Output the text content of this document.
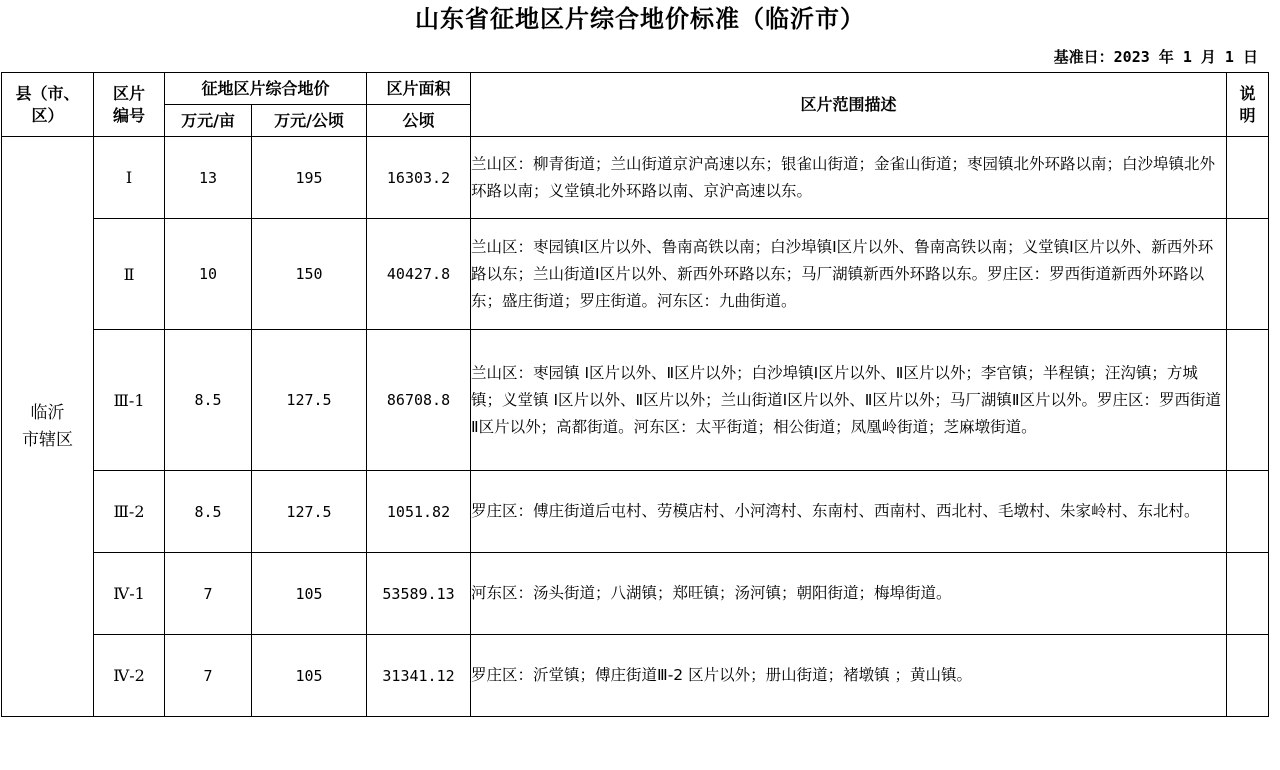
山东省征地区片综合地价标准（临沂市）
基准日：2023 年 1 月 1 日
县（市、区）	区片编号	征地区片综合地价		区片面积	区片范围描述	说明
		万元/亩	万元/公顷	公顷		

临沂
市辖区	Ⅰ	13	195	16303.2	兰山区：柳青街道；兰山街道京沪高速以东；银雀山街道；金雀山街道；枣园镇北外环路以南；白沙埠镇北外环路以南；义堂镇北外环路以南、京沪高速以东。	
	Ⅱ	10	150	40427.8	兰山区：枣园镇Ⅰ区片以外、鲁南高铁以南；白沙埠镇Ⅰ区片以外、鲁南高铁以南；义堂镇Ⅰ区片以外、新西外环路以东；兰山街道Ⅰ区片以外、新西外环路以东；马厂湖镇新西外环路以东。罗庄区：罗西街道新西外环路以东；盛庄街道；罗庄街道。河东区：九曲街道。	
	Ⅲ-1	8.5	127.5	86708.8	兰山区：枣园镇 Ⅰ区片以外、Ⅱ区片以外；白沙埠镇Ⅰ区片以外、Ⅱ区片以外；李官镇；半程镇；汪沟镇；方城镇；义堂镇 Ⅰ区片以外、Ⅱ区片以外；兰山街道Ⅰ区片以外、Ⅱ区片以外；马厂湖镇Ⅱ区片以外。罗庄区：罗西街道Ⅱ区片以外；高都街道。河东区：太平街道；相公街道；凤凰岭街道；芝麻墩街道。	
	Ⅲ-2	8.5	127.5	1051.82	罗庄区：傅庄街道后屯村、劳模店村、小河湾村、东南村、西南村、西北村、毛墩村、朱家岭村、东北村。	
	Ⅳ-1	7	105	53589.13	河东区：汤头街道；八湖镇；郑旺镇；汤河镇；朝阳街道；梅埠街道。	
	Ⅳ-2	7	105	31341.12	罗庄区：沂堂镇；傅庄街道Ⅲ-2 区片以外；册山街道；褚墩镇 ；黄山镇。	
